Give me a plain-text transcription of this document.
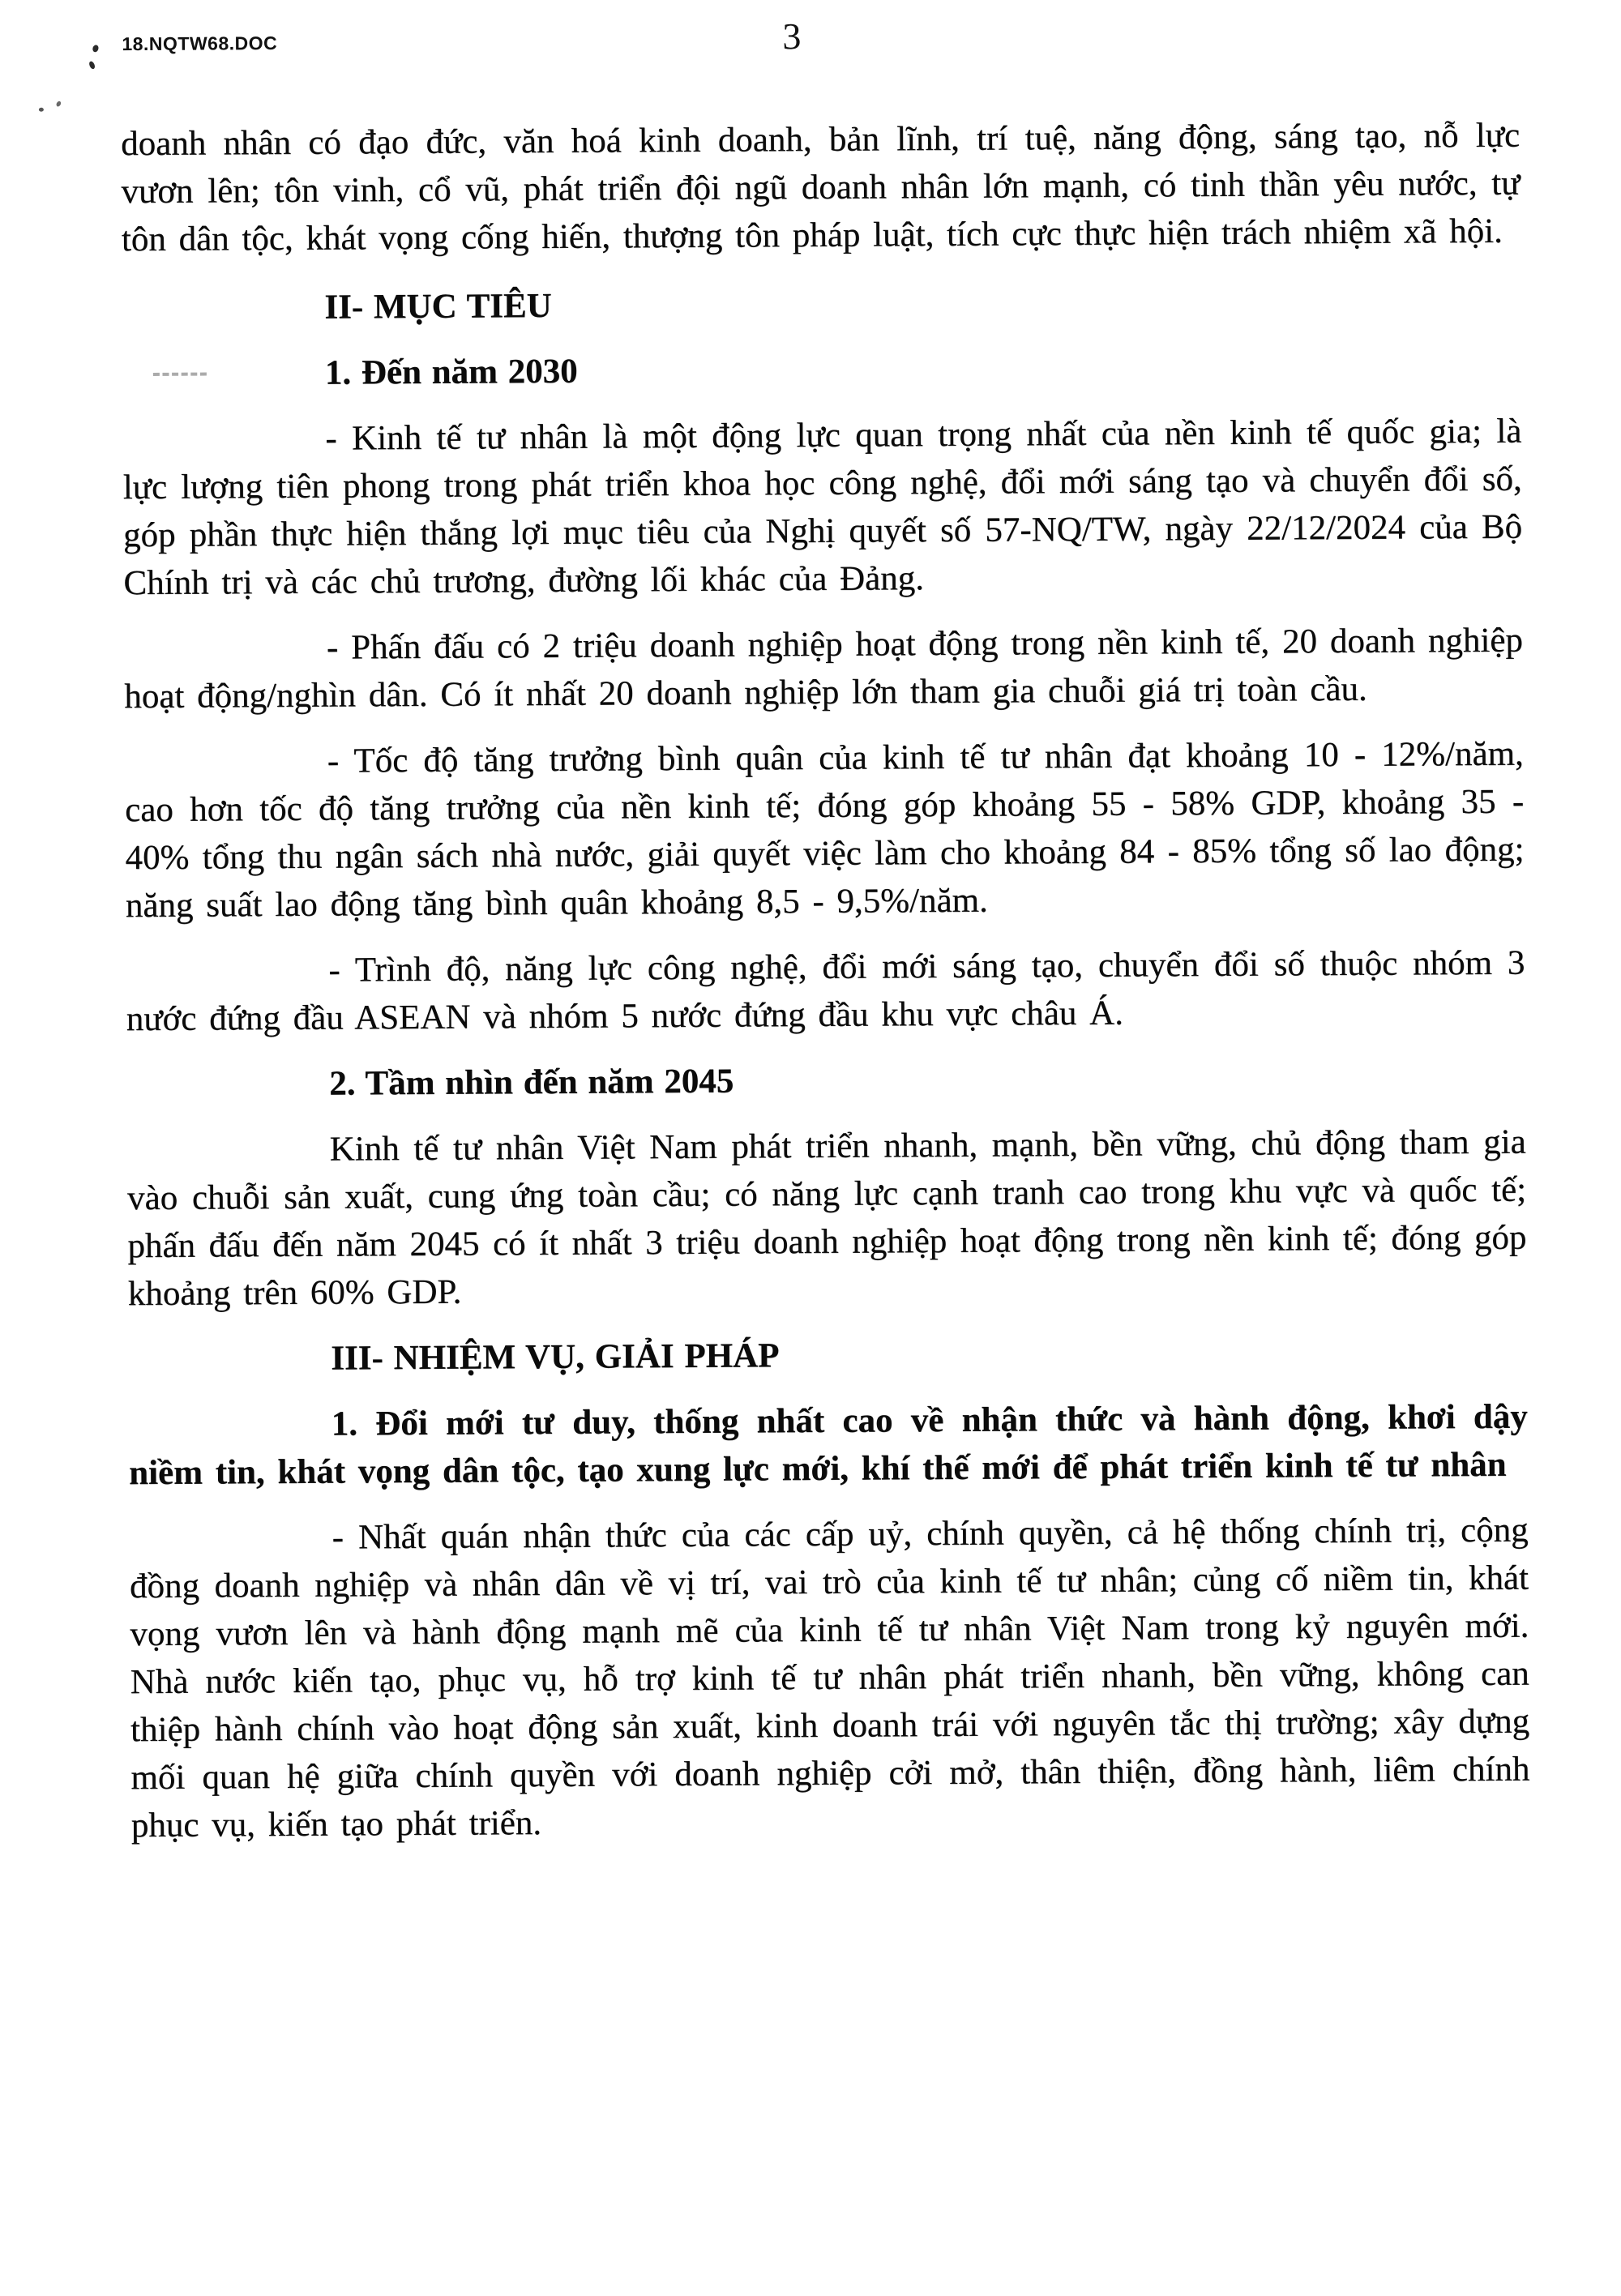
18.NQTW68.DOC	3

doanh nhân có đạo đức, văn hoá kinh doanh, bản lĩnh, trí tuệ, năng động, sáng tạo, nỗ lực vươn lên; tôn vinh, cổ vũ, phát triển đội ngũ doanh nhân lớn mạnh, có tinh thần yêu nước, tự tôn dân tộc, khát vọng cống hiến, thượng tôn pháp luật, tích cực thực hiện trách nhiệm xã hội.

II- MỤC TIÊU

1. Đến năm 2030

- Kinh tế tư nhân là một động lực quan trọng nhất của nền kinh tế quốc gia; là lực lượng tiên phong trong phát triển khoa học công nghệ, đổi mới sáng tạo và chuyển đổi số, góp phần thực hiện thắng lợi mục tiêu của Nghị quyết số 57-NQ/TW, ngày 22/12/2024 của Bộ Chính trị và các chủ trương, đường lối khác của Đảng.

- Phấn đấu có 2 triệu doanh nghiệp hoạt động trong nền kinh tế, 20 doanh nghiệp hoạt động/nghìn dân. Có ít nhất 20 doanh nghiệp lớn tham gia chuỗi giá trị toàn cầu.

- Tốc độ tăng trưởng bình quân của kinh tế tư nhân đạt khoảng 10 - 12%/năm, cao hơn tốc độ tăng trưởng của nền kinh tế; đóng góp khoảng 55 - 58% GDP, khoảng 35 - 40% tổng thu ngân sách nhà nước, giải quyết việc làm cho khoảng 84 - 85% tổng số lao động; năng suất lao động tăng bình quân khoảng 8,5 - 9,5%/năm.

- Trình độ, năng lực công nghệ, đổi mới sáng tạo, chuyển đổi số thuộc nhóm 3 nước đứng đầu ASEAN và nhóm 5 nước đứng đầu khu vực châu Á.

2. Tầm nhìn đến năm 2045

Kinh tế tư nhân Việt Nam phát triển nhanh, mạnh, bền vững, chủ động tham gia vào chuỗi sản xuất, cung ứng toàn cầu; có năng lực cạnh tranh cao trong khu vực và quốc tế; phấn đấu đến năm 2045 có ít nhất 3 triệu doanh nghiệp hoạt động trong nền kinh tế; đóng góp khoảng trên 60% GDP.

III- NHIỆM VỤ, GIẢI PHÁP

1. Đổi mới tư duy, thống nhất cao về nhận thức và hành động, khơi dậy niềm tin, khát vọng dân tộc, tạo xung lực mới, khí thế mới để phát triển kinh tế tư nhân

- Nhất quán nhận thức của các cấp uỷ, chính quyền, cả hệ thống chính trị, cộng đồng doanh nghiệp và nhân dân về vị trí, vai trò của kinh tế tư nhân; củng cố niềm tin, khát vọng vươn lên và hành động mạnh mẽ của kinh tế tư nhân Việt Nam trong kỷ nguyên mới. Nhà nước kiến tạo, phục vụ, hỗ trợ kinh tế tư nhân phát triển nhanh, bền vững, không can thiệp hành chính vào hoạt động sản xuất, kinh doanh trái với nguyên tắc thị trường; xây dựng mối quan hệ giữa chính quyền với doanh nghiệp cởi mở, thân thiện, đồng hành, liêm chính phục vụ, kiến tạo phát triển.
